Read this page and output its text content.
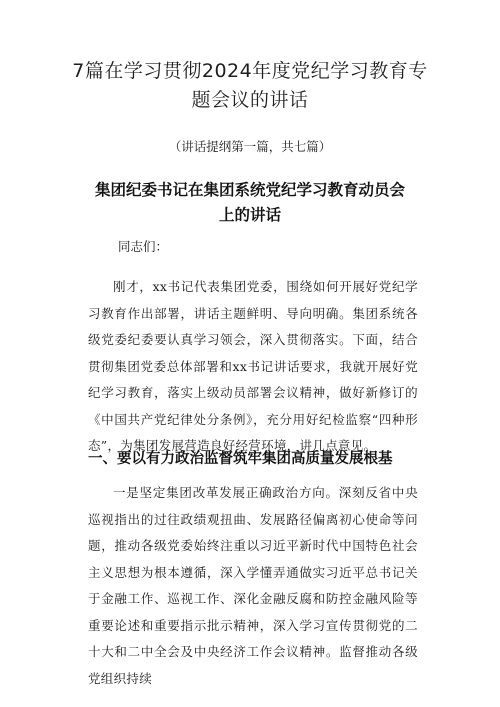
7篇在学习贯彻2024年度党纪学习教育专
题会议的讲话
（讲话提纲第一篇，共七篇）
集团纪委书记在集团系统党纪学习教育动员会
上的讲话
同志们：

刚才，xx书记代表集团党委，围绕如何开展好党纪学习教育作出部署，讲话主题鲜明、导向明确。集团系统各级党委纪委要认真学习领会，深入贯彻落实。下面，结合贯彻集团党委总体部署和xx书记讲话要求，我就开展好党纪学习教育，落实上级动员部署会议精神，做好新修订的《中国共产党纪律处分条例》，充分用好纪检监察“四种形态”，为集团发展营造良好经营环境，讲几点意见。

一、要以有力政治监督筑牢集团高质量发展根基

一是坚定集团改革发展正确政治方向。深刻反省中央巡视指出的过往政绩观扭曲、发展路径偏离初心使命等问题，推动各级党委始终注重以习近平新时代中国特色社会主义思想为根本遵循，深入学懂弄通做实习近平总书记关于金融工作、巡视工作、深化金融反腐和防控金融风险等重要论述和重要指示批示精神，深入学习宣传贯彻党的二十大和二中全会及中央经济工作会议精神。监督推动各级党组织持续
